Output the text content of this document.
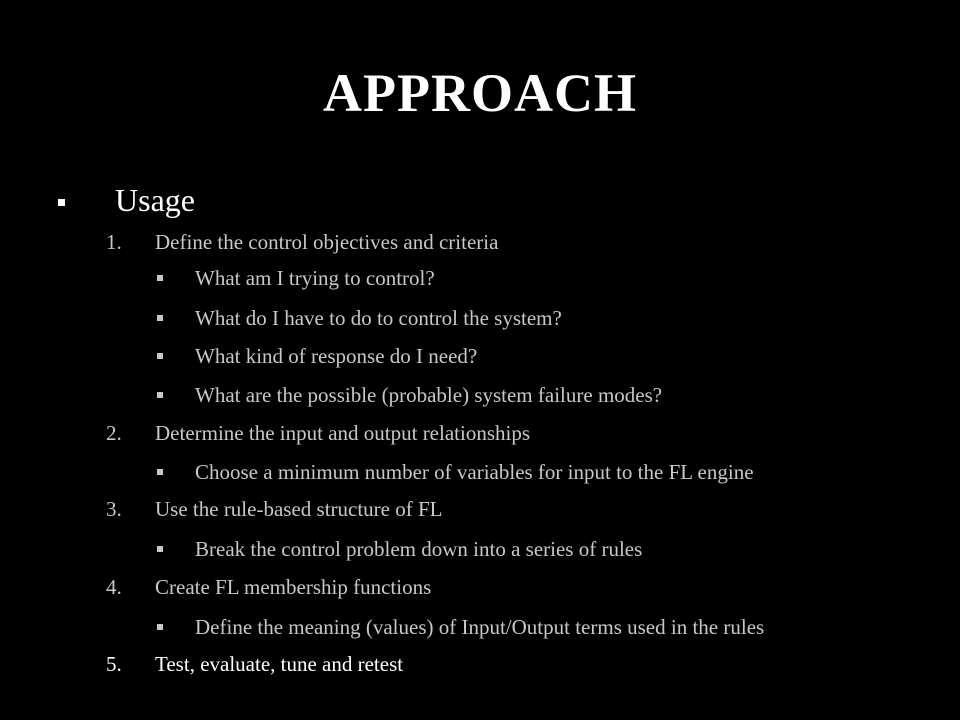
APPROACH
Usage
1. Define the control objectives and criteria
What am I trying to control?
What do I have to do to control the system?
What kind of response do I need?
What are the possible (probable) system failure modes?
2. Determine the input and output relationships
Choose a minimum number of variables for input to the FL engine
3. Use the rule-based structure of FL
Break the control problem down into a series of rules
4. Create FL membership functions
Define the meaning (values) of Input/Output terms used in the rules
5. Test, evaluate, tune and retest
